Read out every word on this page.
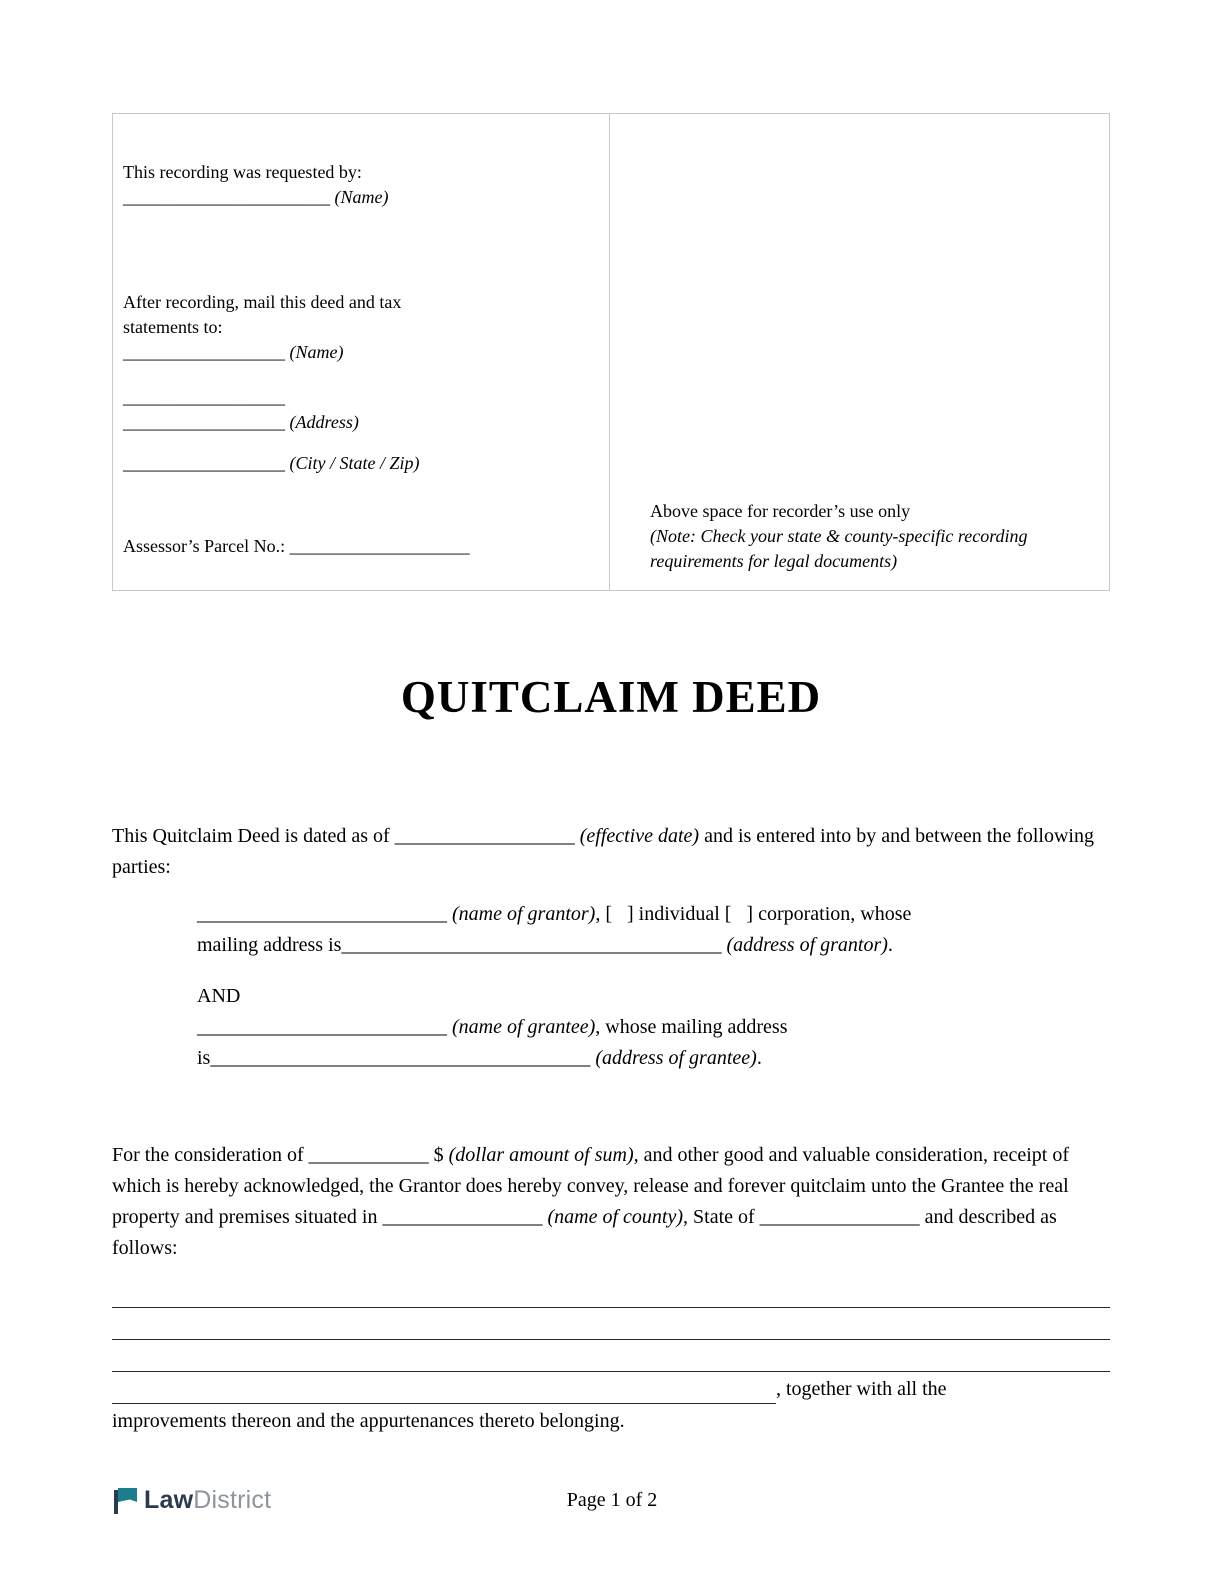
This recording was requested by:
_______________________ (Name)
After recording, mail this deed and tax statements to:
__________________ (Name)
__________________
__________________ (Address)
__________________ (City / State / Zip)
Assessor’s Parcel No.: ____________________
Above space for recorder’s use only
(Note: Check your state & county-specific recording requirements for legal documents)
QUITCLAIM DEED

This Quitclaim Deed is dated as of __________________ (effective date) and is entered into by and between the following parties:

_________________________ (name of grantor), [   ] individual [   ] corporation, whose
mailing address is______________________________________ (address of grantor).

AND

_________________________ (name of grantee), whose mailing address
is______________________________________ (address of grantee).

For the consideration of ____________ $ (dollar amount of sum), and other good and valuable consideration, receipt of which is hereby acknowledged, the Grantor does hereby convey, release and forever quitclaim unto the Grantee the real property and premises situated in ________________ (name of county), State of ________________ and described as follows:

, together with all the

improvements thereon and the appurtenances thereto belonging.

LawDistrict	Page 1 of 2
